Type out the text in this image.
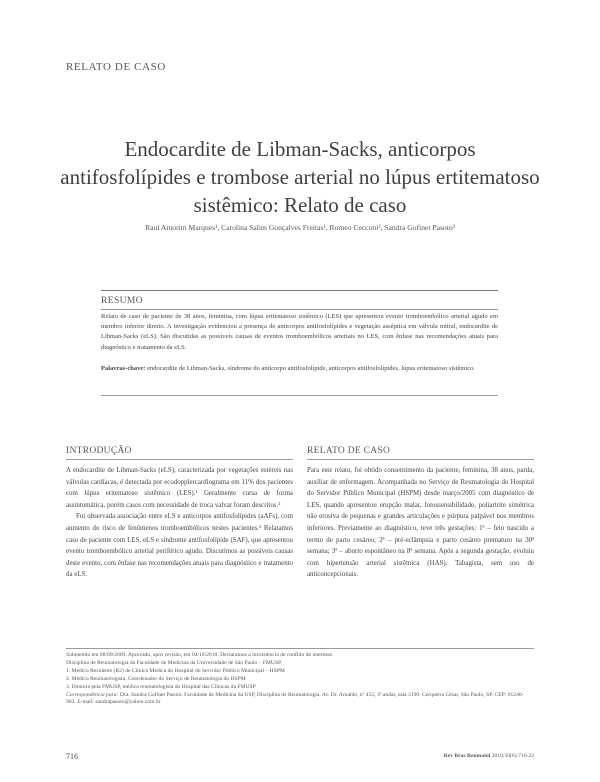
RELATO DE CASO
Endocardite de Libman-Sacks, anticorpos antifosfolípides e trombose arterial no lúpus ertitematoso sistêmico: Relato de caso
Raul Amorim Marques¹, Carolina Salim Gonçalves Freitas¹, Romeo Cecconi², Sandra Gofinet Pasoto³
RESUMO
Relato de caso de paciente de 38 anos, feminina, com lúpus eritematoso sistêmico (LES) que apresentou evento tromboembólico arterial agudo em membro inferior direito. A investigação evidenciou a presença de anticorpos antifosfolípides e vegetação asséptica em válvula mitral, endocardite de Libman-Sacks (eLS). São discutidas as possíveis causas de eventos tromboembólicos arteriais no LES, com ênfase nas recomendações atuais para diagnóstico e tratamento da eLS.
Palavras-chave: endocardite de Libman-Sacks, síndrome do anticorpo antifosfolípide, anticorpos antifosfolípides, lúpus eritematoso sistêmico.
INTRODUÇÃO

A endocardite de Libman-Sacks (eLS), caracterizada por vegetações estéreis nas válvulas cardíacas, é detectada por ecodopplercardiograma em 11% dos pacientes com lúpus eritematoso sistêmico (LES).¹ Geralmente cursa de forma assintomática, porém casos com necessidade de troca valvar foram descritos.²

Foi observada associação entre eLS e anticorpos antifosfolípides (aAFs), com aumento do risco de fenômenos tromboembólicos nestes pacientes.³ Relatamos caso de paciente com LES, eLS e síndrome antifosfolípide (SAF), que apresentou evento tromboembólico arterial periférico agudo. Discutimos as possíveis causas deste evento, com ênfase nas recomendações atuais para diagnóstico e tratamento da eLS.

RELATO DE CASO

Para este relato, foi obtido consentimento da paciente, feminina, 38 anos, parda, auxiliar de enfermagem. Acompanhada no Serviço de Reumatologia do Hospital do Servidor Público Municipal (HSPM) desde março/2005 com diagnóstico de LES, quando apresentou erupção malar, fotossensibilidade, poliartrite simétrica não erosiva de pequenas e grandes articulações e púrpura palpável nos membros inferiores. Previamente ao diagnóstico, teve três gestações: 1ª – feto nascido a termo de parto cesáreo; 2ª – pré-eclâmpsia e parto cesáreo prematuro na 30ª semana; 3ª – aborto espontâneo na 8ª semana. Após a segunda gestação, evoluiu com hipertensão arterial sistêmica (HAS). Tabagista, sem uso de anticoncepcionais.

Submetido em 08/09/2009. Aprovado, após revisão, em 04/10/2010. Declaramos a inexistência de conflito de interesse.
Disciplina de Reumatologia da Faculdade de Medicina da Universidade de São Paulo – FMUSP.
1. Médico Residente (R2) de Clínica Médica do Hospital do Servidor Público Municipal – HSPM
2. Médico Reumatologista, Coordenador do Serviço de Reumatologia do HSPM
3. Doutora pela FMUSP, médica reumatologista do Hospital das Clínicas da FMUSP
Correspondência para: Dra. Sandra Gofinet Pasoto. Faculdade de Medicina da USP, Disciplina de Reumatologia. Av. Dr. Arnaldo, nº 455, 3º andar, sala 3190. Cerqueira César, São Paulo, SP. CEP: 01246-903. E-mail: sandrapasoto@yahoo.com.br
716	Rev Bras Reumatol 2010;50(6):716-22
